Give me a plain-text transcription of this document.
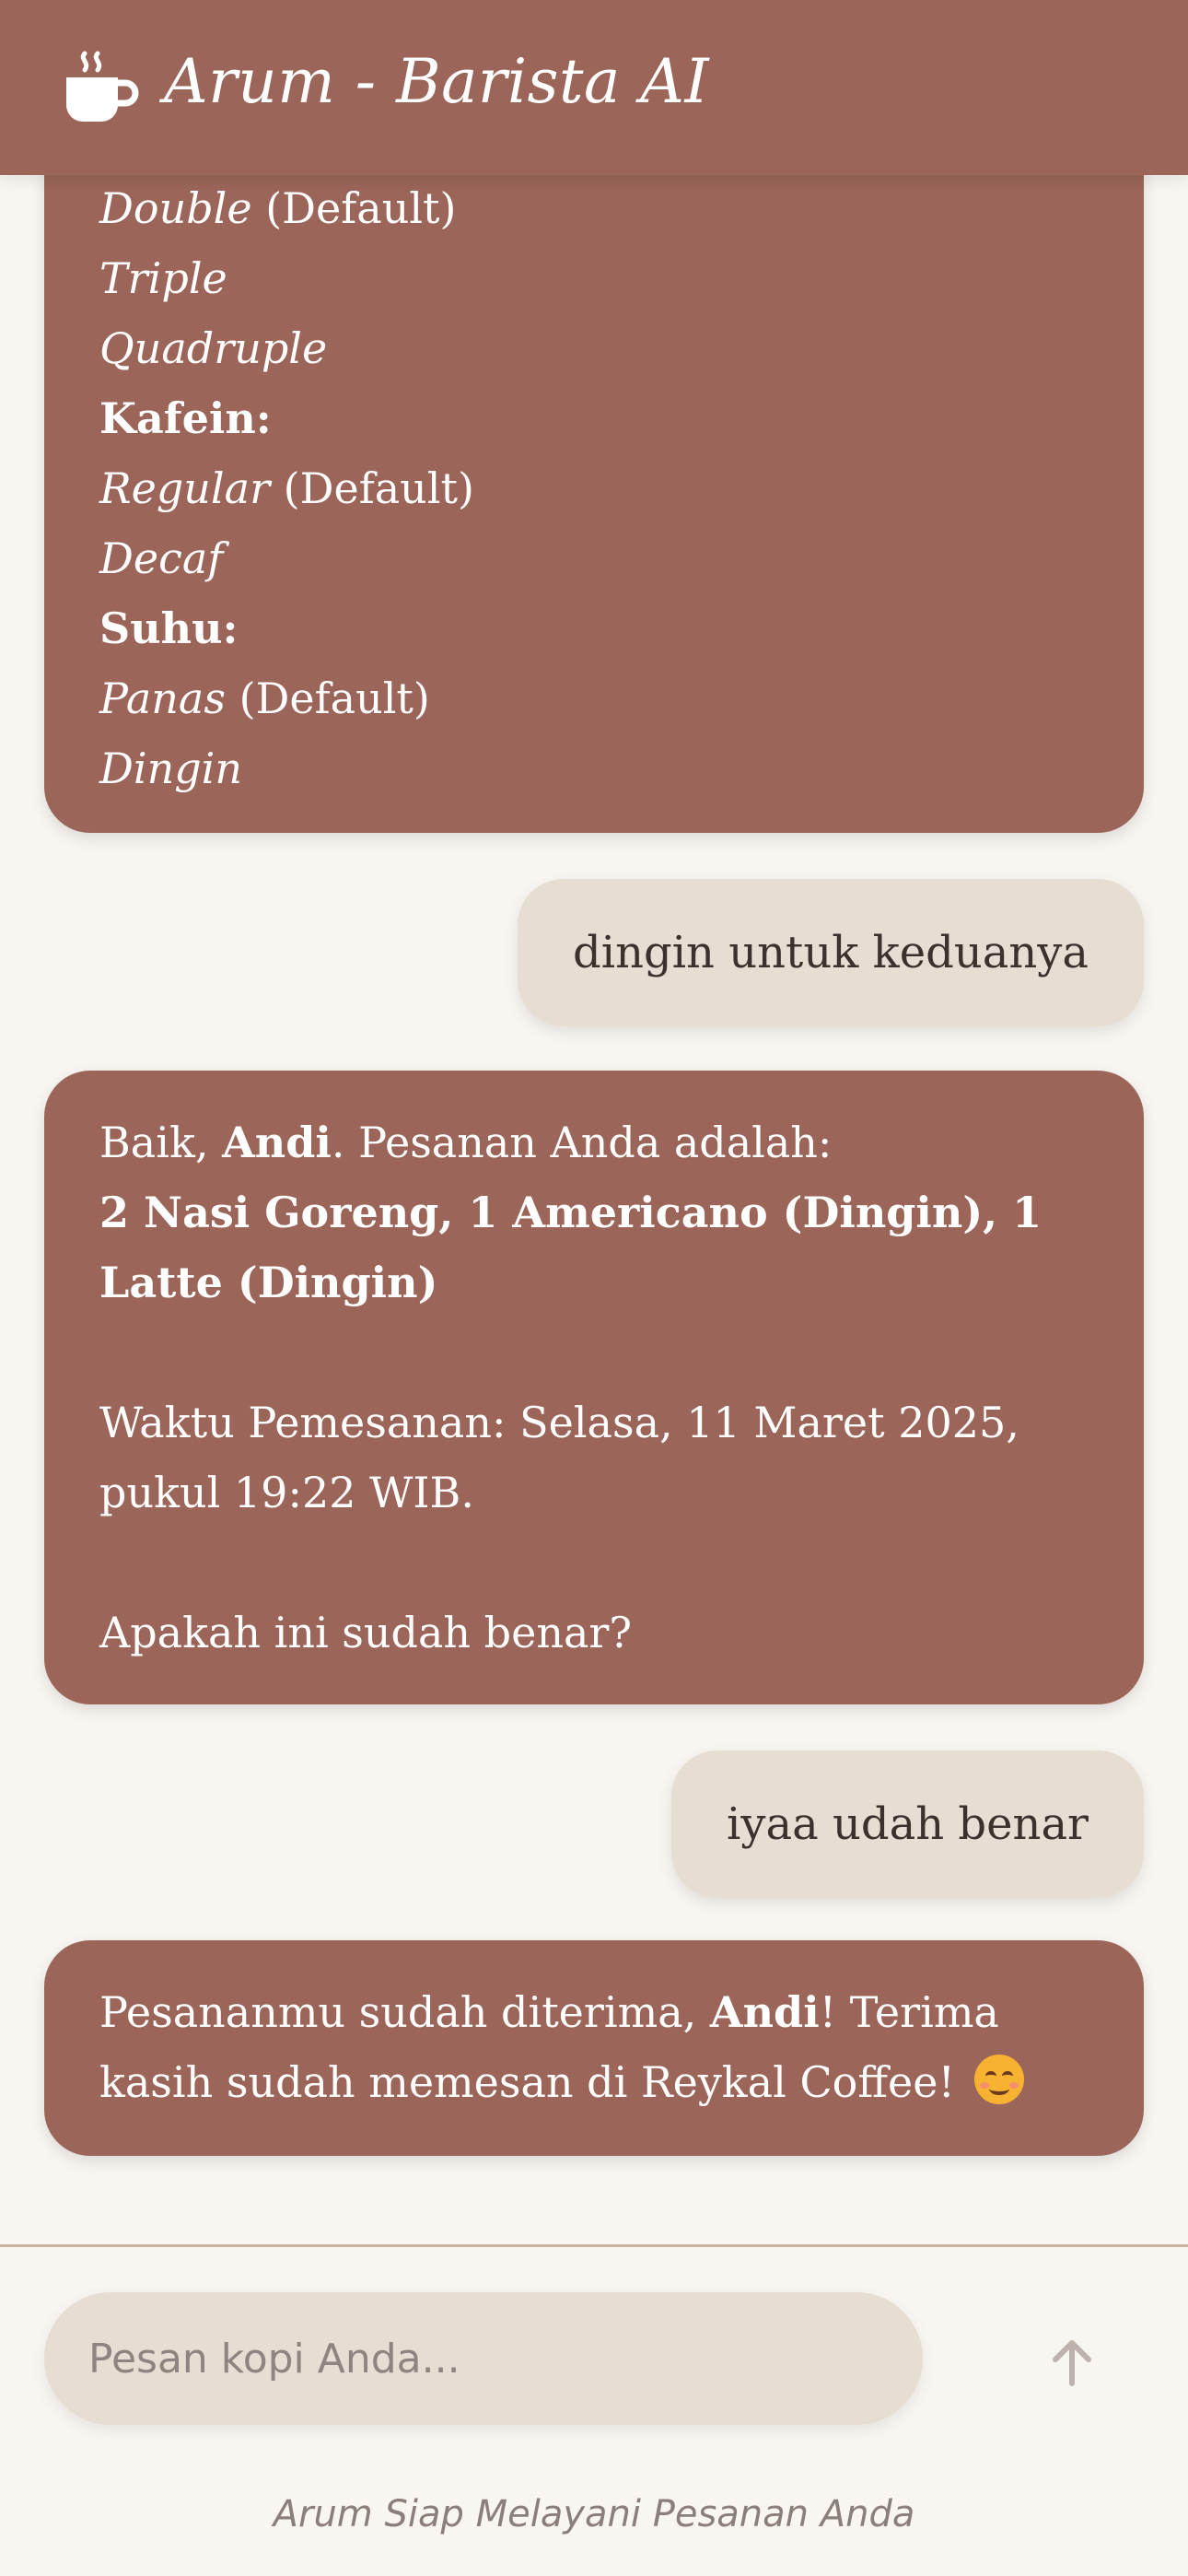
Double (Default)
Triple
Quadruple
Kafein:
Regular (Default)
Decaf
Suhu:
Panas (Default)
Dingin
dingin untuk keduanya
Baik, Andi. Pesanan Anda adalah:
2 Nasi Goreng, 1 Americano (Dingin), 1 Latte (Dingin)
Waktu Pemesanan: Selasa, 11 Maret 2025, pukul 19:22 WIB.
Apakah ini sudah benar?
iyaa udah benar
Pesananmu sudah diterima, Andi! Terima kasih sudah memesan di Reykal Coffee!
Arum - Barista AI
Pesan kopi Anda...
Arum Siap Melayani Pesanan Anda
